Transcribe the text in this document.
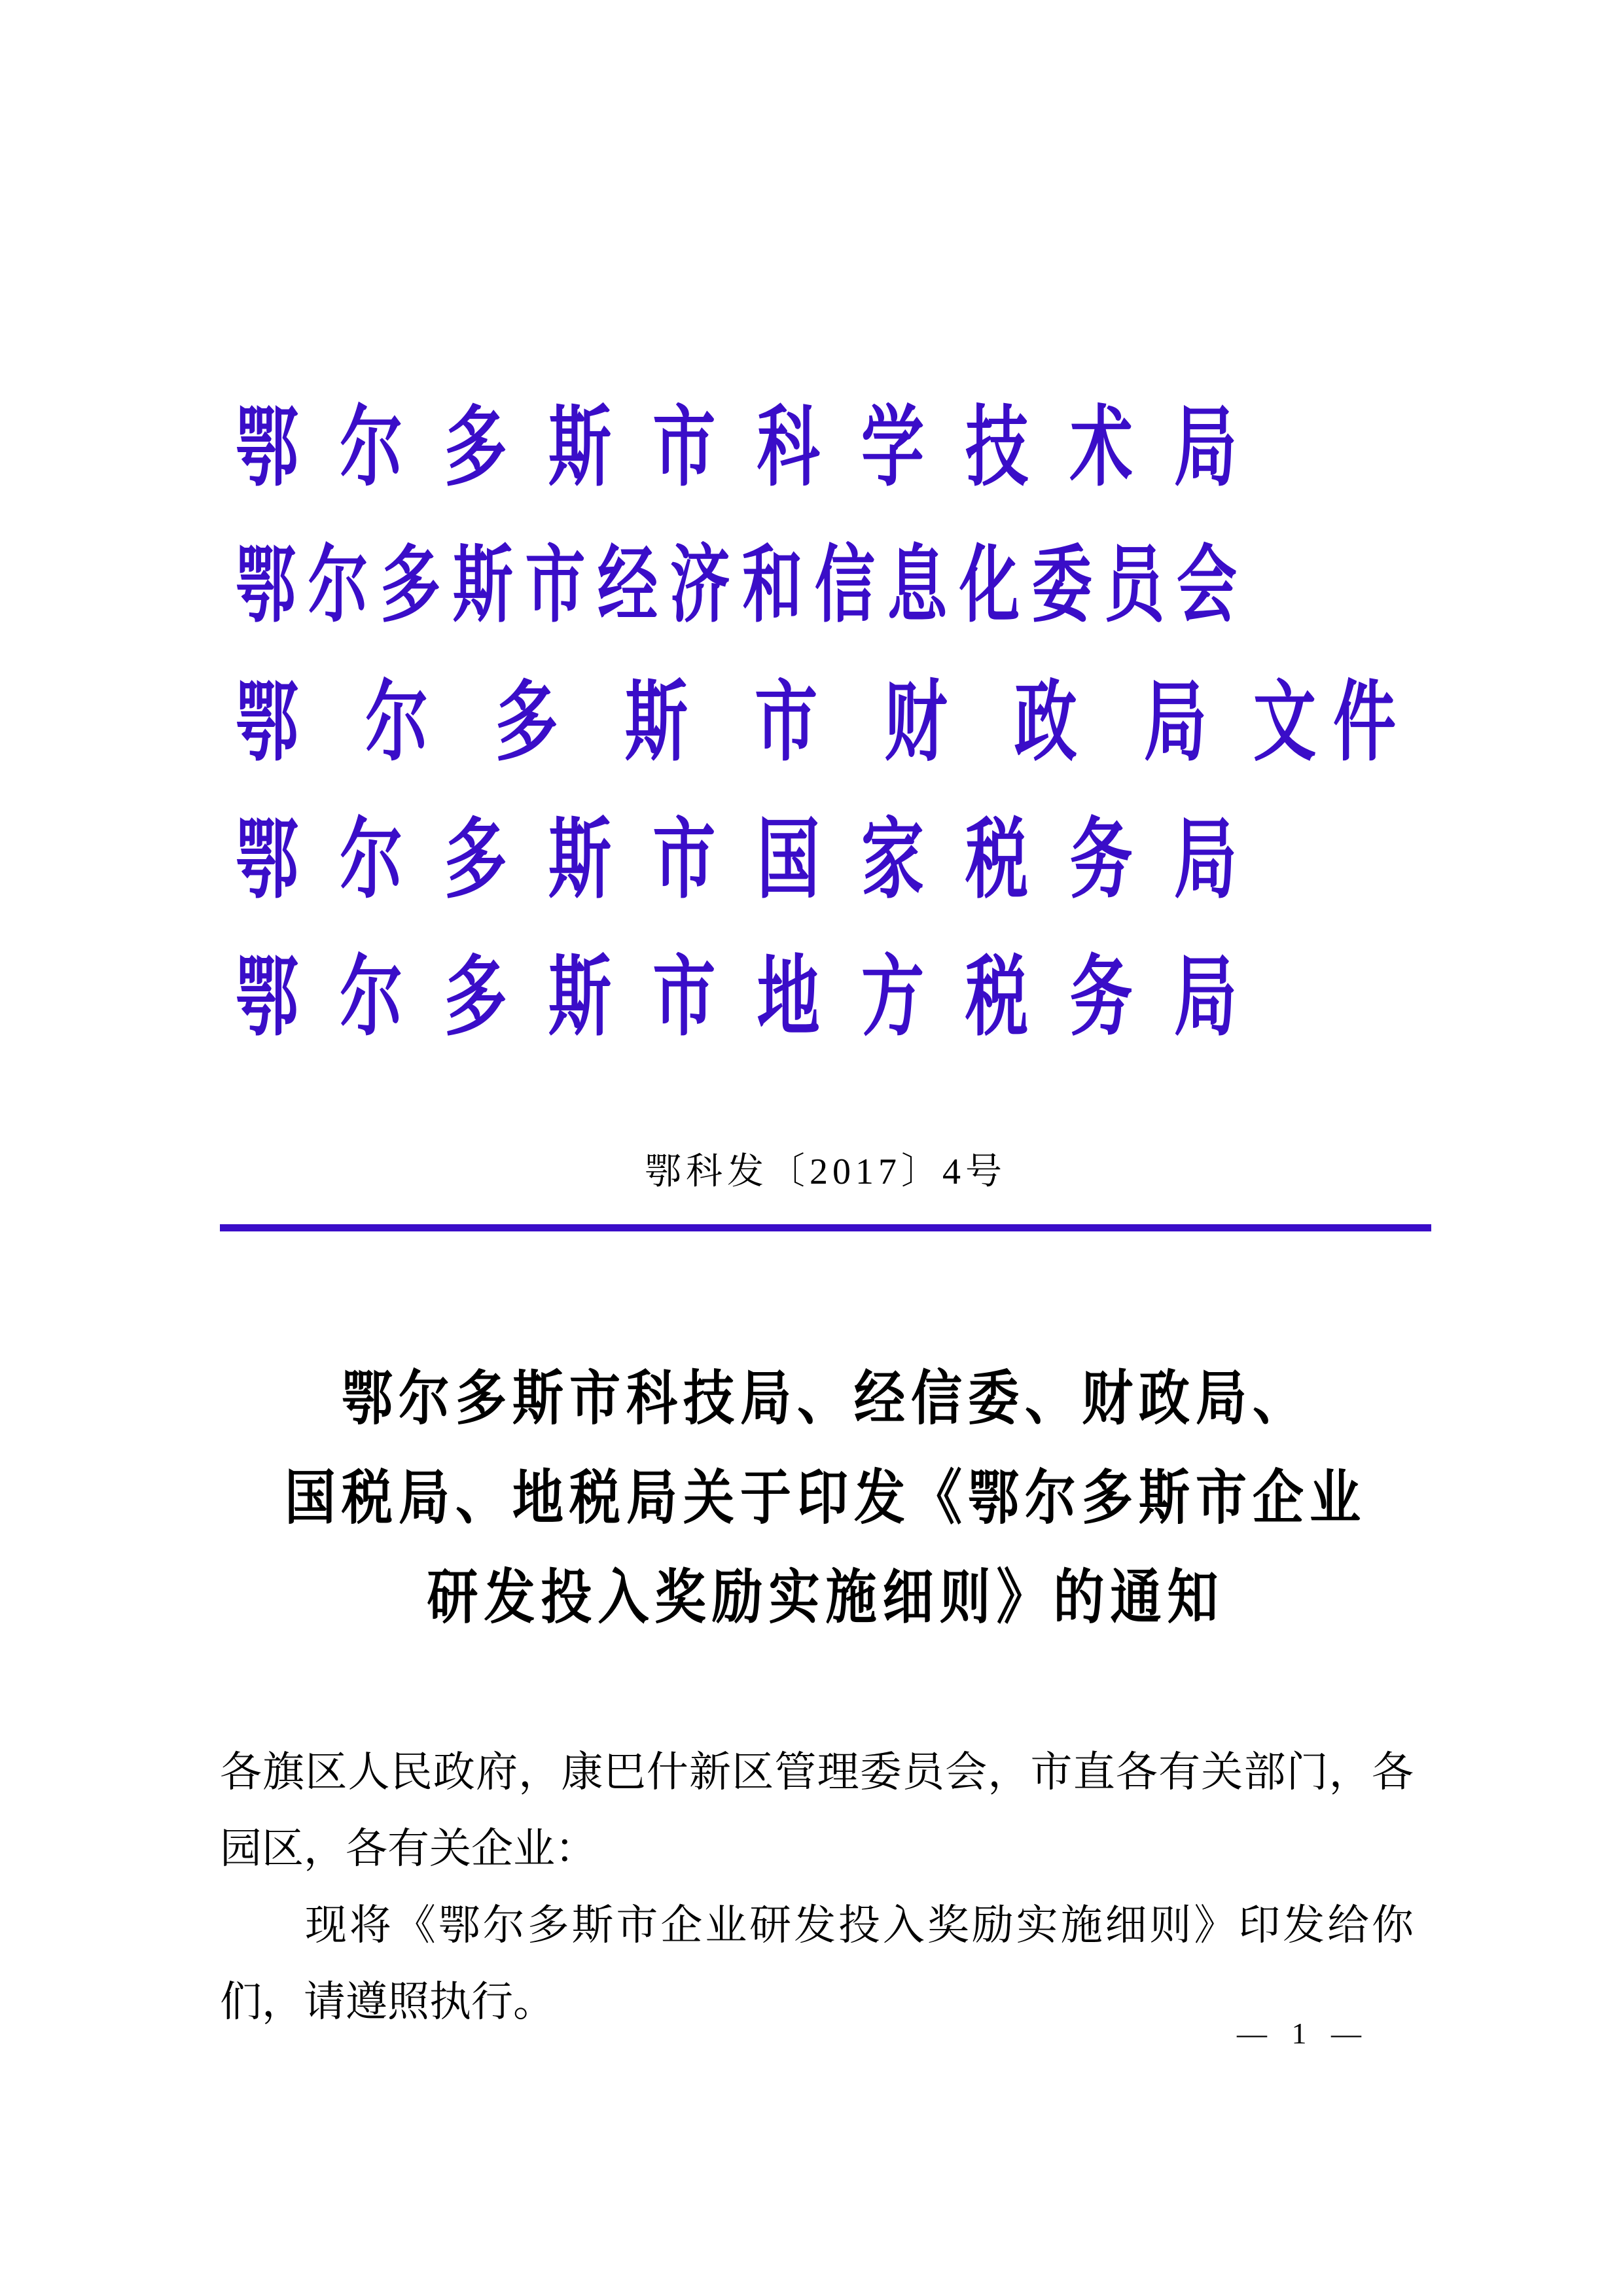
鄂 尔 多 斯 市 科 学 技 术 局
鄂 尔 多 斯 市 经 济 和 信 息 化 委 员 会
鄂 尔 多 斯 市 财 政 局 文 件
鄂 尔 多 斯 市 国 家 税 务 局
鄂 尔 多 斯 市 地 方 税 务 局
鄂科发〔2017〕4号
鄂尔多斯市科技局、经信委、财政局、
国税局、地税局关于印发《鄂尔多斯市企业
研发投入奖励实施细则》的通知
各旗区人民政府，康巴什新区管理委员会，市直各有关部门，各
园区，各有关企业：
现将《鄂尔多斯市企业研发投入奖励实施细则》印发给你
们，请遵照执行。
— 1 —
